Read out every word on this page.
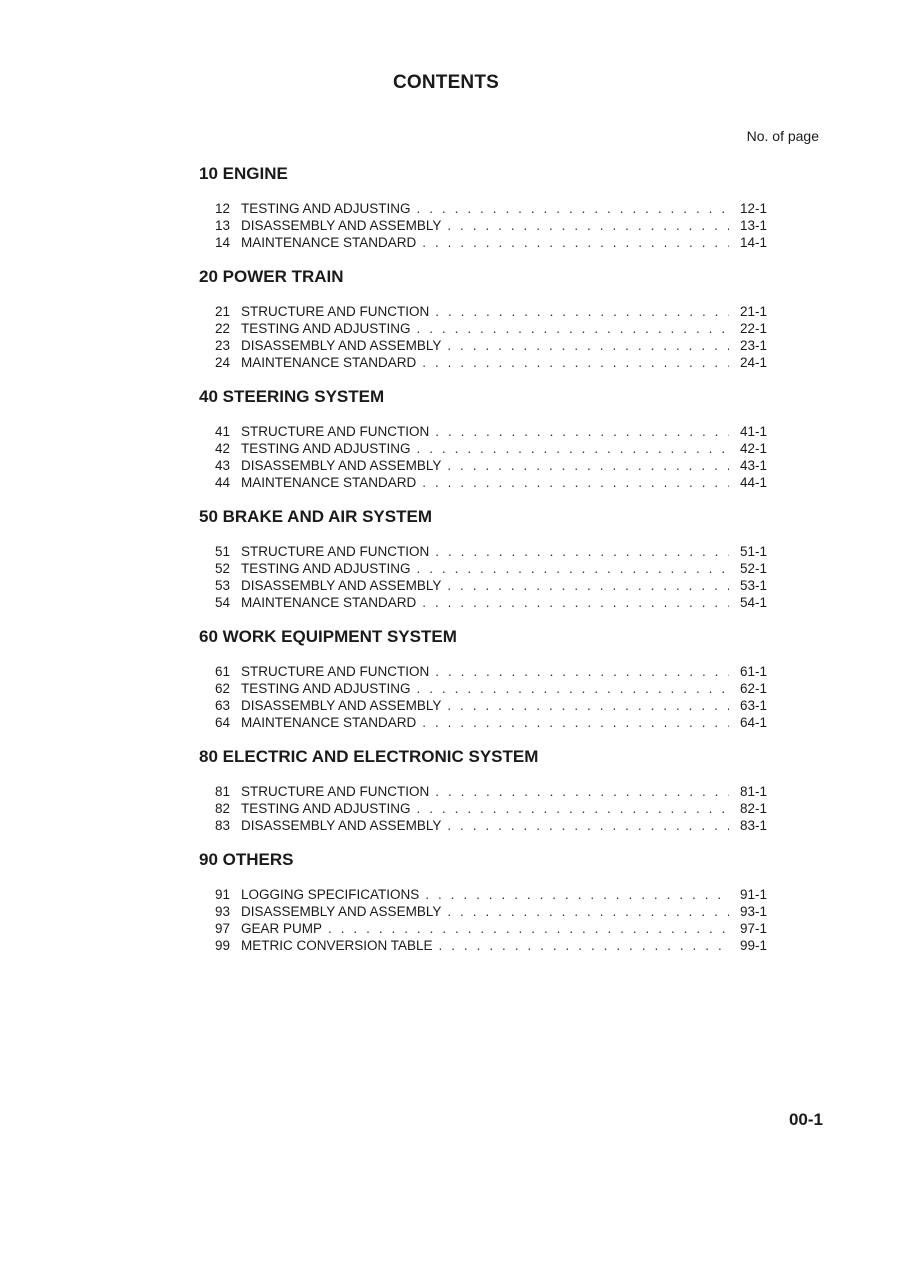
CONTENTS
No. of page
10 ENGINE
12 TESTING AND ADJUSTING . . .	12-1
13 DISASSEMBLY AND ASSEMBLY . . .	13-1
14 MAINTENANCE STANDARD . . .	14-1
20 POWER TRAIN
21 STRUCTURE AND FUNCTION . . .	21-1
22 TESTING AND ADJUSTING . . .	22-1
23 DISASSEMBLY AND ASSEMBLY . . .	23-1
24 MAINTENANCE STANDARD . . .	24-1
40 STEERING SYSTEM
41 STRUCTURE AND FUNCTION . . .	41-1
42 TESTING AND ADJUSTING . . .	42-1
43 DISASSEMBLY AND ASSEMBLY . . .	43-1
44 MAINTENANCE STANDARD . . .	44-1
50 BRAKE AND AIR SYSTEM
51 STRUCTURE AND FUNCTION . . .	51-1
52 TESTING AND ADJUSTING . . .	52-1
53 DISASSEMBLY AND ASSEMBLY . . .	53-1
54 MAINTENANCE STANDARD . . .	54-1
60 WORK EQUIPMENT SYSTEM
61 STRUCTURE AND FUNCTION . . .	61-1
62 TESTING AND ADJUSTING . . .	62-1
63 DISASSEMBLY AND ASSEMBLY . . .	63-1
64 MAINTENANCE STANDARD . . .	64-1
80 ELECTRIC AND ELECTRONIC SYSTEM
81 STRUCTURE AND FUNCTION . . .	81-1
82 TESTING AND ADJUSTING . . .	82-1
83 DISASSEMBLY AND ASSEMBLY . . .	83-1
90 OTHERS
91 LOGGING SPECIFICATIONS . . .	91-1
93 DISASSEMBLY AND ASSEMBLY . . .	93-1
97 GEAR PUMP . . .	97-1
99 METRIC CONVERSION TABLE . . .	99-1
00-1
